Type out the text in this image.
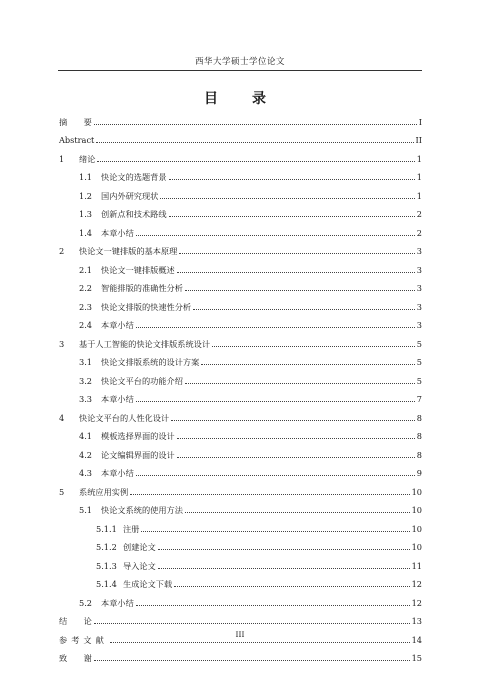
西华大学硕士学位论文
目　录
摘　　要	I
Abstract	II
1	绪论	1
1.1	快论文的选题背景	1
1.2	国内外研究现状	1
1.3	创新点和技术路线	2
1.4	本章小结	2
2	快论文一键排版的基本原理	3
2.1	快论文一键排版概述	3
2.2	智能排版的准确性分析	3
2.3	快论文排版的快速性分析	3
2.4	本章小结	3
3	基于人工智能的快论文排版系统设计	5
3.1	快论文排版系统的设计方案	5
3.2	快论文平台的功能介绍	5
3.3	本章小结	7
4	快论文平台的人性化设计	8
4.1	模板选择界面的设计	8
4.2	论文编辑界面的设计	8
4.3	本章小结	9
5	系统应用实例	10
5.1	快论文系统的使用方法	10
5.1.1 注册	10
5.1.2 创建论文	10
5.1.3 导入论文	11
5.1.4 生成论文下载	12
5.2	本章小结	12
结　　论	13
参考文献	14
致　　谢	15
III
